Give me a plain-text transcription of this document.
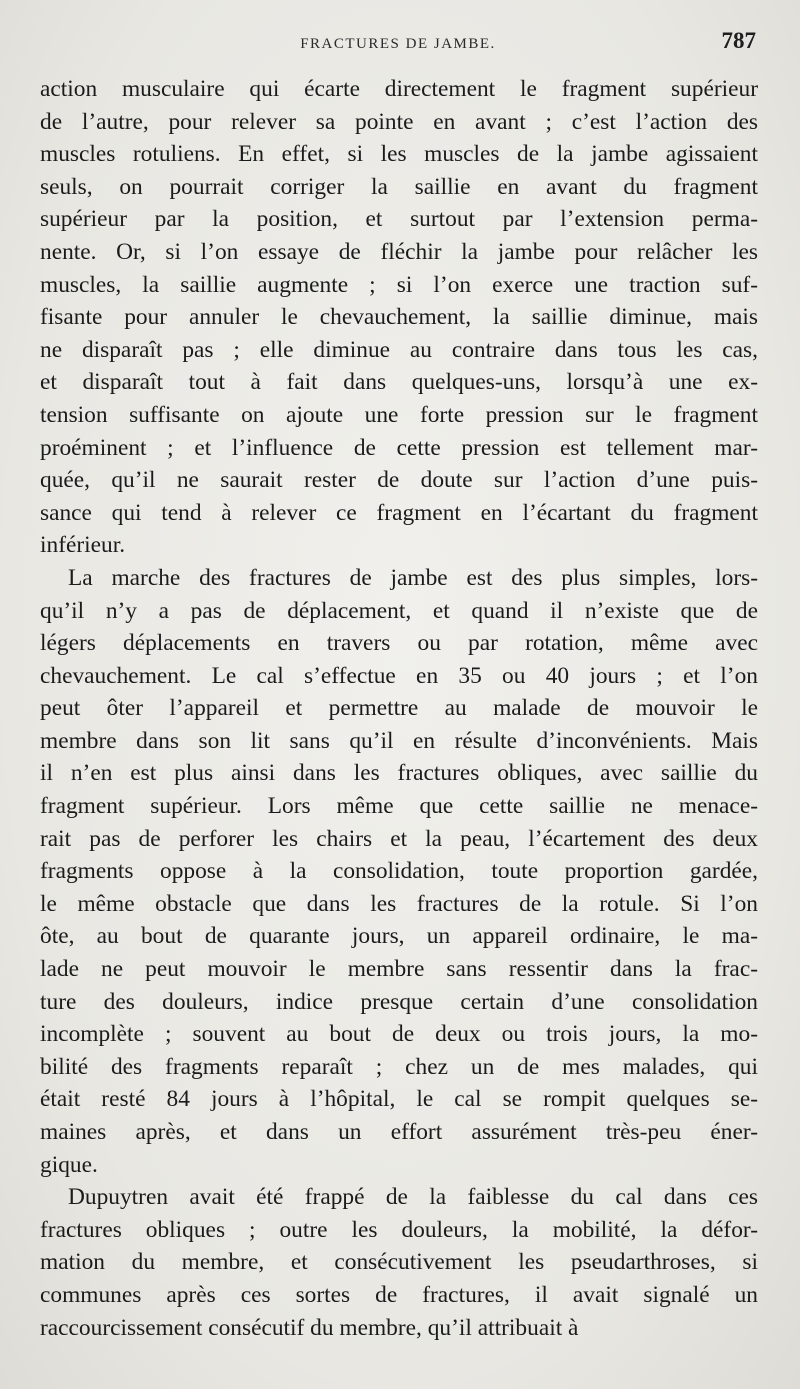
FRACTURES DE JAMBE.	787
action musculaire qui écarte directement le fragment supérieur
de l’autre, pour relever sa pointe en avant ; c’est l’action des
muscles rotuliens. En effet, si les muscles de la jambe agissaient
seuls, on pourrait corriger la saillie en avant du fragment
supérieur par la position, et surtout par l’extension perma-
nente. Or, si l’on essaye de fléchir la jambe pour relâcher les
muscles, la saillie augmente ; si l’on exerce une traction suf-
fisante pour annuler le chevauchement, la saillie diminue, mais
ne disparaît pas ; elle diminue au contraire dans tous les cas,
et disparaît tout à fait dans quelques-uns, lorsqu’à une ex-
tension suffisante on ajoute une forte pression sur le fragment
proéminent ; et l’influence de cette pression est tellement mar-
quée, qu’il ne saurait rester de doute sur l’action d’une puis-
sance qui tend à relever ce fragment en l’écartant du fragment
inférieur.
La marche des fractures de jambe est des plus simples, lors-
qu’il n’y a pas de déplacement, et quand il n’existe que de
légers déplacements en travers ou par rotation, même avec
chevauchement. Le cal s’effectue en 35 ou 40 jours ; et l’on
peut ôter l’appareil et permettre au malade de mouvoir le
membre dans son lit sans qu’il en résulte d’inconvénients. Mais
il n’en est plus ainsi dans les fractures obliques, avec saillie du
fragment supérieur. Lors même que cette saillie ne menace-
rait pas de perforer les chairs et la peau, l’écartement des deux
fragments oppose à la consolidation, toute proportion gardée,
le même obstacle que dans les fractures de la rotule. Si l’on
ôte, au bout de quarante jours, un appareil ordinaire, le ma-
lade ne peut mouvoir le membre sans ressentir dans la frac-
ture des douleurs, indice presque certain d’une consolidation
incomplète ; souvent au bout de deux ou trois jours, la mo-
bilité des fragments reparaît ; chez un de mes malades, qui
était resté 84 jours à l’hôpital, le cal se rompit quelques se-
maines après, et dans un effort assurément très-peu éner-
gique.
Dupuytren avait été frappé de la faiblesse du cal dans ces
fractures obliques ; outre les douleurs, la mobilité, la défor-
mation du membre, et consécutivement les pseudarthroses, si
communes après ces sortes de fractures, il avait signalé un
raccourcissement consécutif du membre, qu’il attribuait à
